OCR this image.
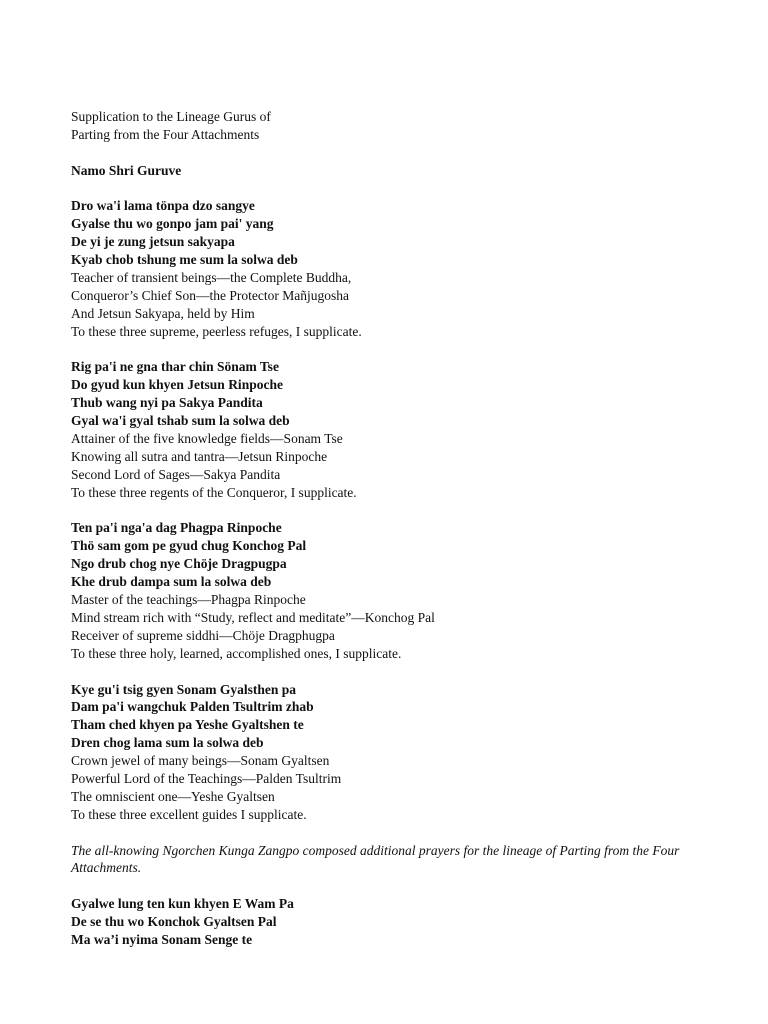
Supplication to the Lineage Gurus of
Parting from the Four Attachments
Namo Shri Guruve
Dro wa'i lama tönpa dzo sangye
Gyalse thu wo gonpo jam pai' yang
De yi je zung jetsun sakyapa
Kyab chob tshung me sum la solwa deb
Teacher of transient beings—the Complete Buddha,
Conqueror’s Chief Son—the Protector Mañjugosha
And Jetsun Sakyapa, held by Him
To these three supreme, peerless refuges, I supplicate.
Rig pa'i ne gna thar chin Sönam Tse
Do gyud kun khyen Jetsun Rinpoche
Thub wang nyi pa Sakya Pandita
Gyal wa'i gyal tshab sum la solwa deb
Attainer of the five knowledge fields—Sonam Tse
Knowing all sutra and tantra—Jetsun Rinpoche
Second Lord of Sages—Sakya Pandita
To these three regents of the Conqueror, I supplicate.
Ten pa'i nga'a dag Phagpa Rinpoche
Thö sam gom pe gyud chug Konchog Pal
Ngo drub chog nye Chöje Dragpugpa
Khe drub dampa sum la solwa deb
Master of the teachings—Phagpa Rinpoche
Mind stream rich with “Study, reflect and meditate”—Konchog Pal
Receiver of supreme siddhi—Chöje Dragphugpa
To these three holy, learned, accomplished ones, I supplicate.
Kye gu'i tsig gyen Sonam Gyalsthen pa
Dam pa'i wangchuk Palden Tsultrim zhab
Tham ched khyen pa Yeshe Gyaltshen te
Dren chog lama sum la solwa deb
Crown jewel of many beings—Sonam Gyaltsen
Powerful Lord of the Teachings—Palden Tsultrim
The omniscient one—Yeshe Gyaltsen
To these three excellent guides I supplicate.
The all-knowing Ngorchen Kunga Zangpo composed additional prayers for the lineage of Parting from the Four Attachments.
Gyalwe lung ten kun khyen E Wam Pa
De se thu wo Konchok Gyaltsen Pal
Ma wa’i nyima Sonam Senge te
